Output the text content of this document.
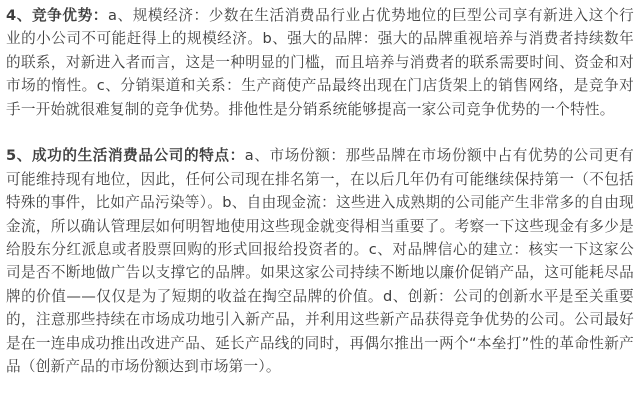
4、竞争优势：a、规模经济：少数在生活消费品行业占优势地位的巨型公司享有新进入这个行业的小公司不可能赶得上的规模经济。b、强大的品牌：强大的品牌重视培养与消费者持续数年的联系，对新进入者而言，这是一种明显的门槛，而且培养与消费者的联系需要时间、资金和对市场的惰性。c、分销渠道和关系：生产商使产品最终出现在门店货架上的销售网络，是竞争对手一开始就很难复制的竞争优势。排他性是分销系统能够提高一家公司竞争优势的一个特性。

5、成功的生活消费品公司的特点：a、市场份额：那些品牌在市场份额中占有优势的公司更有可能维持现有地位，因此，任何公司现在排名第一，在以后几年仍有可能继续保持第一（不包括特殊的事件，比如产品污染等）。b、自由现金流：这些进入成熟期的公司能产生非常多的自由现金流，所以确认管理层如何明智地使用这些现金就变得相当重要了。考察一下这些现金有多少是给股东分红派息或者股票回购的形式回报给投资者的。c、对品牌信心的建立：核实一下这家公司是否不断地做广告以支撑它的品牌。如果这家公司持续不断地以廉价促销产品，这可能耗尽品牌的价值——仅仅是为了短期的收益在掏空品牌的价值。d、创新：公司的创新水平是至关重要的，注意那些持续在市场成功地引入新产品，并利用这些新产品获得竞争优势的公司。公司最好是在一连串成功推出改进产品、延长产品线的同时，再偶尔推出一两个“本垒打”性的革命性新产品（创新产品的市场份额达到市场第一）。
